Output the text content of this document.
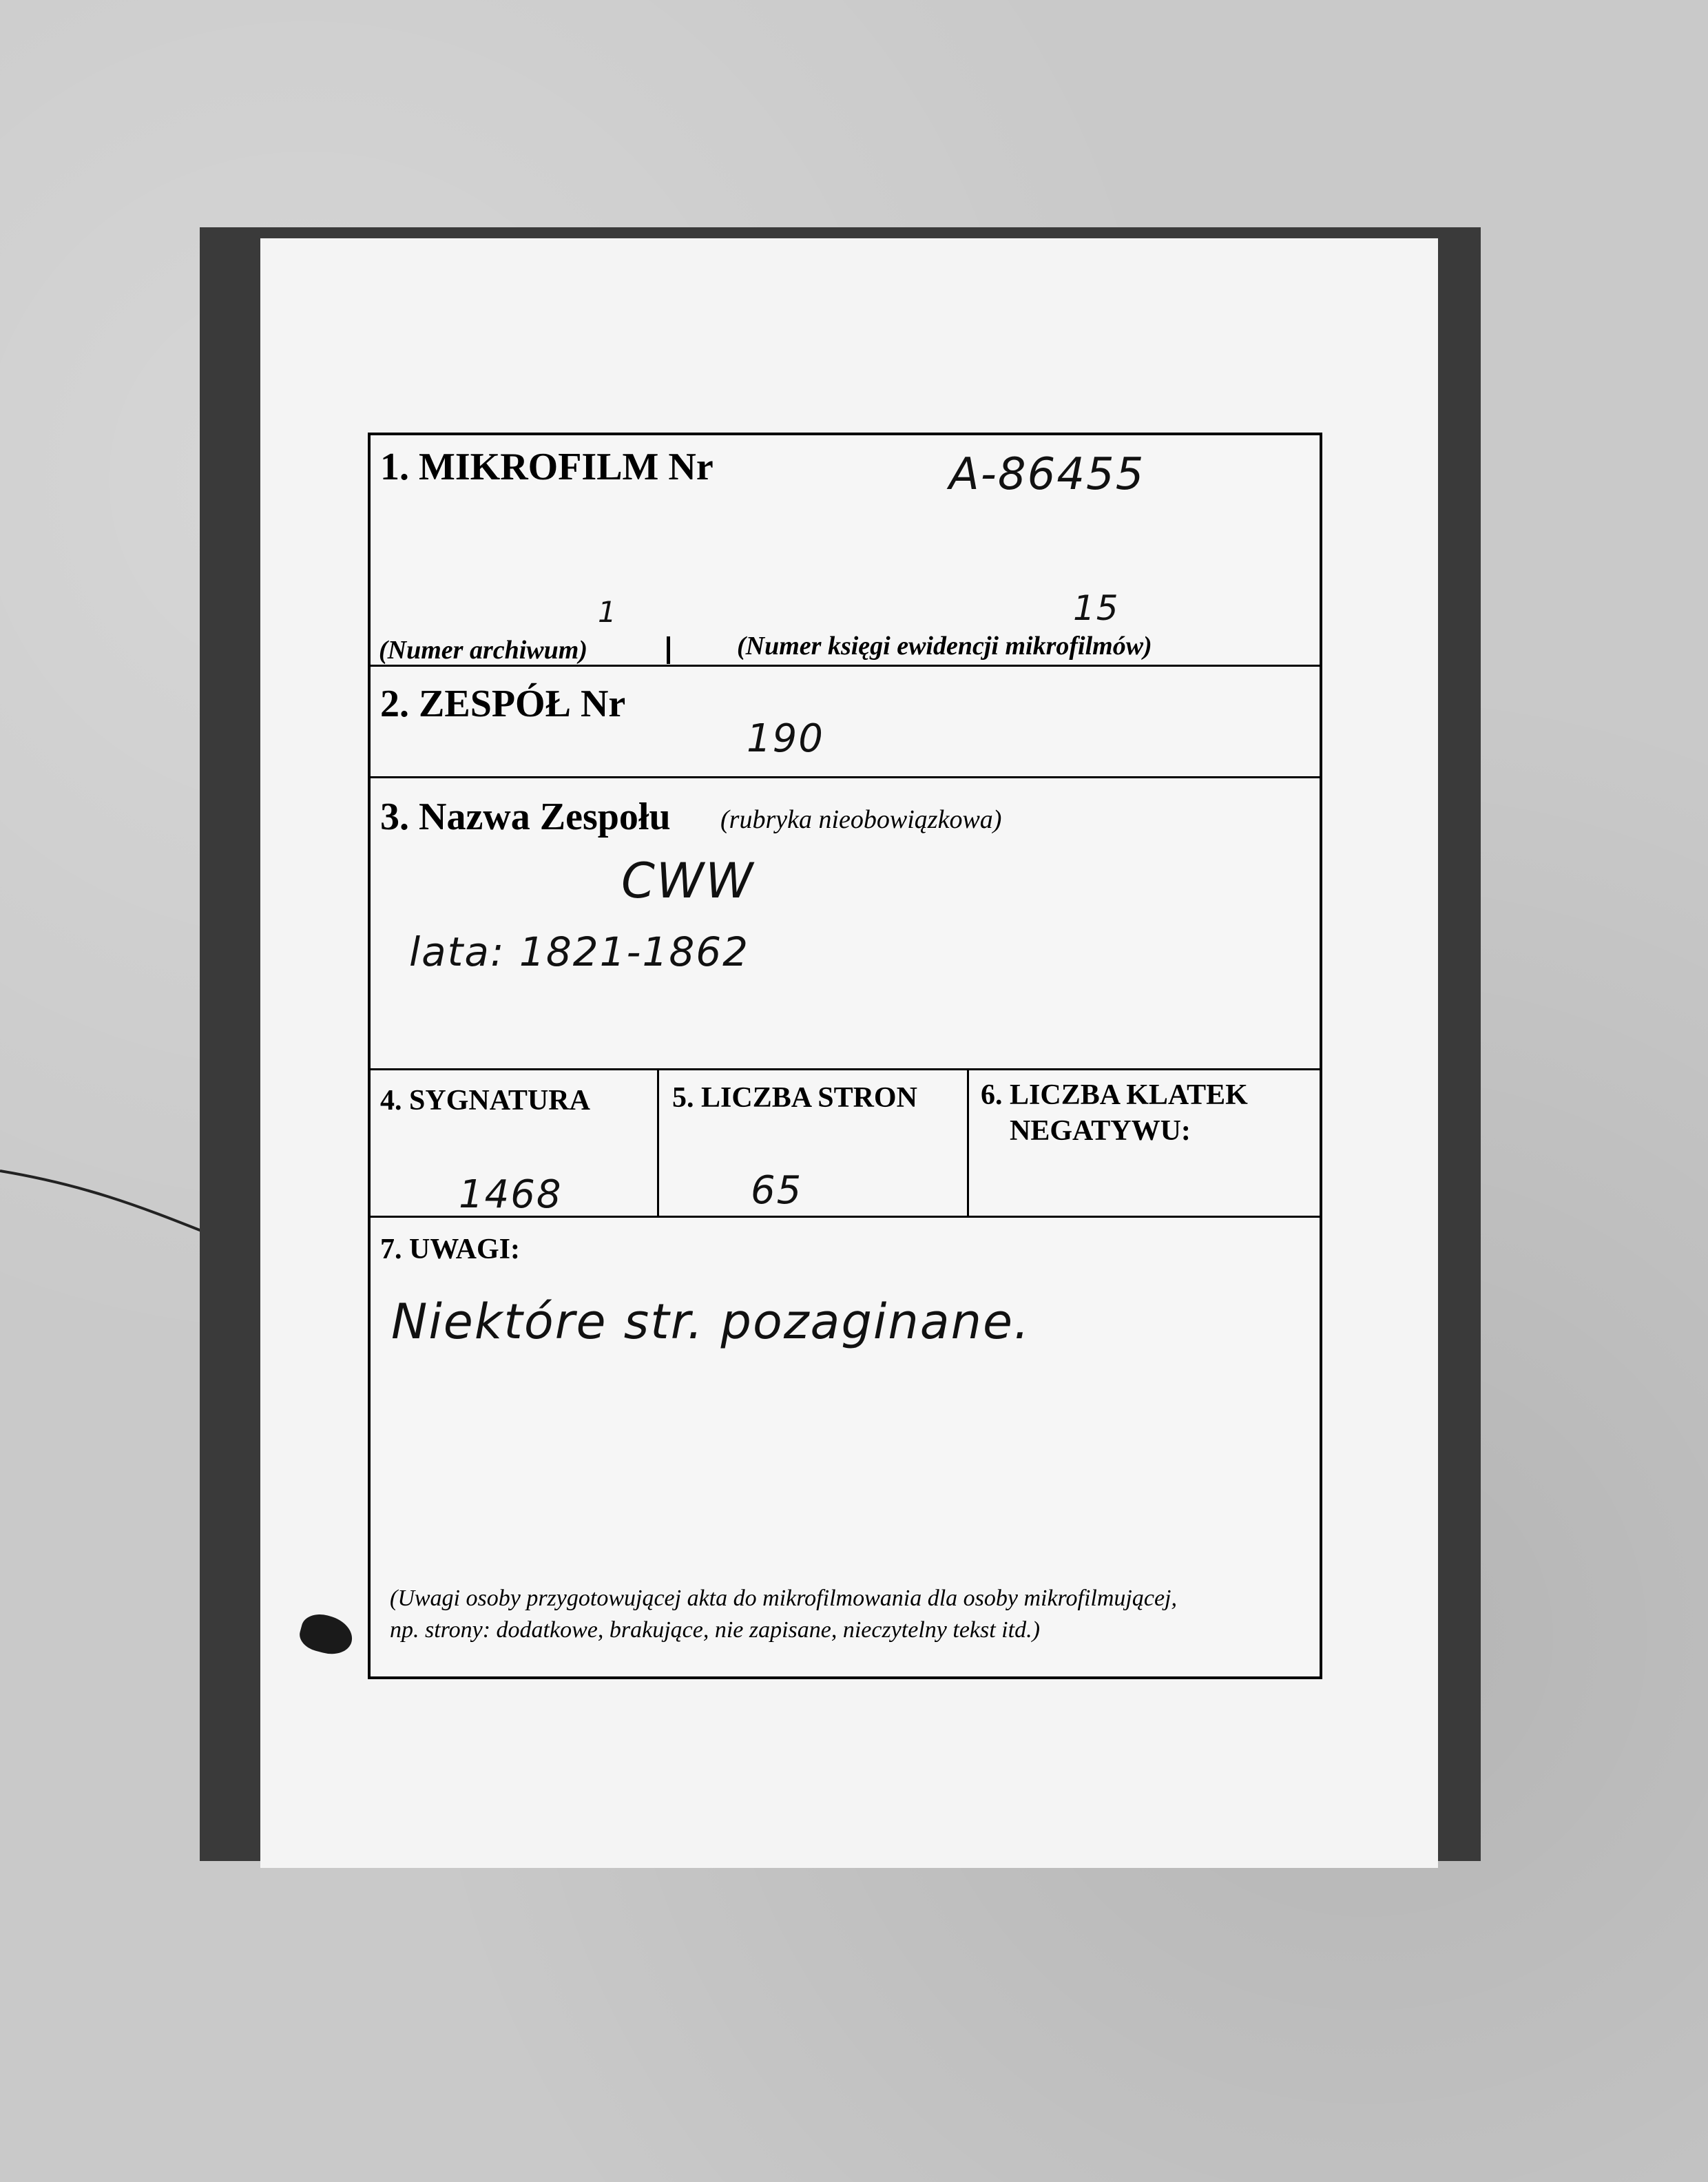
1. MIKROFILM Nr	A-86455
1	15
(Numer archiwum)	(Numer księgi ewidencji mikrofilmów)
2. ZESPÓŁ Nr
190
3. Nazwa Zespołu (rubryka nieobowiązkowa)
CWW
lata: 1821-1862
4. SYGNATURA
1468
5. LICZBA STRON
65
6. LICZBA KLATEK
NEGATYWU:
7. UWAGI:
Niektóre str. pozaginane.
(Uwagi osoby przygotowującej akta do mikrofilmowania dla osoby mikrofilmującej,
np. strony: dodatkowe, brakujące, nie zapisane, nieczytelny tekst itd.)
